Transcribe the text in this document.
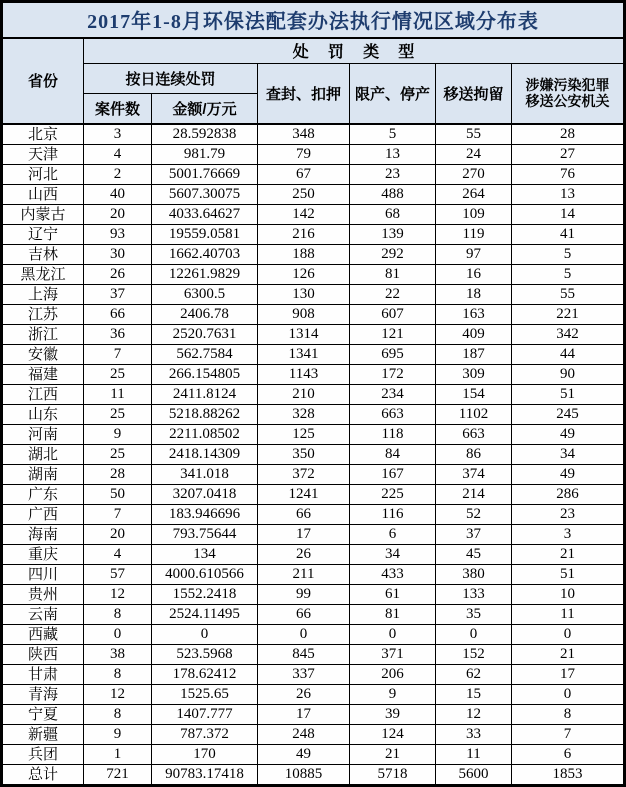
2017年1-8月环保法配套办法执行情况区域分布表						
省份	处罚类型					
	按日连续处罚		查封、扣押	限产、停产	移送拘留	涉嫌污染犯罪
移送公安机关

	案件数	金额/万元				
北京	3	28.592838	348	5	55	28
天津	4	981.79	79	13	24	27
河北	2	5001.76669	67	23	270	76
山西	40	5607.30075	250	488	264	13
内蒙古	20	4033.64627	142	68	109	14
辽宁	93	19559.0581	216	139	119	41
吉林	30	1662.40703	188	292	97	5
黑龙江	26	12261.9829	126	81	16	5
上海	37	6300.5	130	22	18	55
江苏	66	2406.78	908	607	163	221
浙江	36	2520.7631	1314	121	409	342
安徽	7	562.7584	1341	695	187	44
福建	25	266.154805	1143	172	309	90
江西	11	2411.8124	210	234	154	51
山东	25	5218.88262	328	663	1102	245
河南	9	2211.08502	125	118	663	49
湖北	25	2418.14309	350	84	86	34
湖南	28	341.018	372	167	374	49
广东	50	3207.0418	1241	225	214	286
广西	7	183.946696	66	116	52	23
海南	20	793.75644	17	6	37	3
重庆	4	134	26	34	45	21
四川	57	4000.610566	211	433	380	51
贵州	12	1552.2418	99	61	133	10
云南	8	2524.11495	66	81	35	11
西藏	0	0	0	0	0	0
陕西	38	523.5968	845	371	152	21
甘肃	8	178.62412	337	206	62	17
青海	12	1525.65	26	9	15	0
宁夏	8	1407.777	17	39	12	8
新疆	9	787.372	248	124	33	7
兵团	1	170	49	21	11	6
总计	721	90783.17418	10885	5718	5600	1853
